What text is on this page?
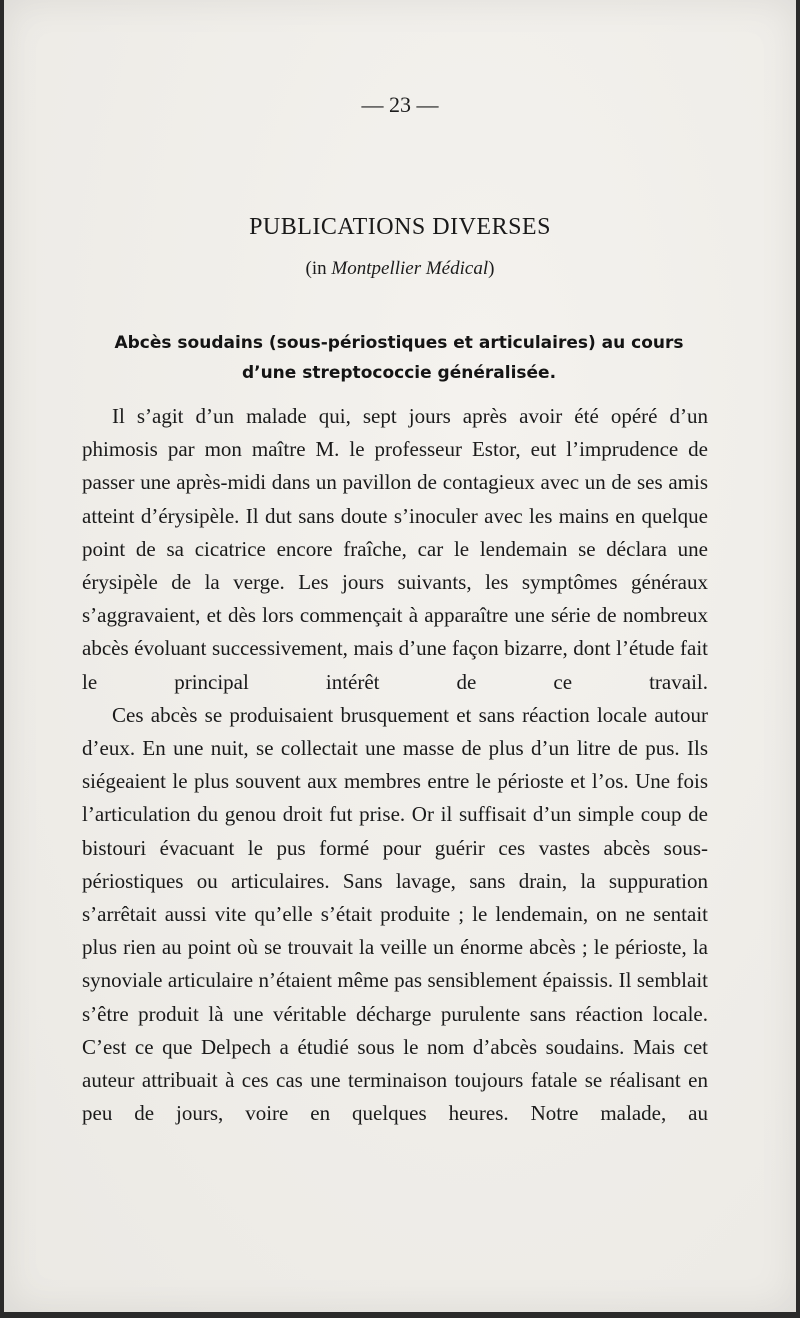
— 23 —
PUBLICATIONS DIVERSES
(in Montpellier Médical)
Abcès soudains (sous-périostiques et articulaires) au cours d’une streptococcie généralisée.

Il s’agit d’un malade qui, sept jours après avoir été opéré d’un phimosis par mon maître M. le professeur Estor, eut l’imprudence de passer une après-midi dans un pavillon de contagieux avec un de ses amis atteint d’érysipèle. Il dut sans doute s’inoculer avec les mains en quelque point de sa cicatrice encore fraîche, car le lendemain se déclara une érysipèle de la verge. Les jours suivants, les symptômes généraux s’aggravaient, et dès lors commençait à apparaître une série de nombreux abcès évoluant successivement, mais d’une façon bizarre, dont l’étude fait le principal intérêt de ce travail.

Ces abcès se produisaient brusquement et sans réaction locale autour d’eux. En une nuit, se collectait une masse de plus d’un litre de pus. Ils siégeaient le plus souvent aux membres entre le périoste et l’os. Une fois l’articulation du genou droit fut prise. Or il suffisait d’un simple coup de bistouri évacuant le pus formé pour guérir ces vastes abcès sous-périostiques ou articulaires. Sans lavage, sans drain, la suppuration s’arrêtait aussi vite qu’elle s’était produite ; le lendemain, on ne sentait plus rien au point où se trouvait la veille un énorme abcès ; le périoste, la synoviale articulaire n’étaient même pas sensiblement épaissis. Il semblait s’être produit là une véritable décharge purulente sans réaction locale. C’est ce que Delpech a étudié sous le nom d’abcès soudains. Mais cet auteur attribuait à ces cas une terminaison toujours fatale se réalisant en peu de jours, voire en quelques heures. Notre malade, au
